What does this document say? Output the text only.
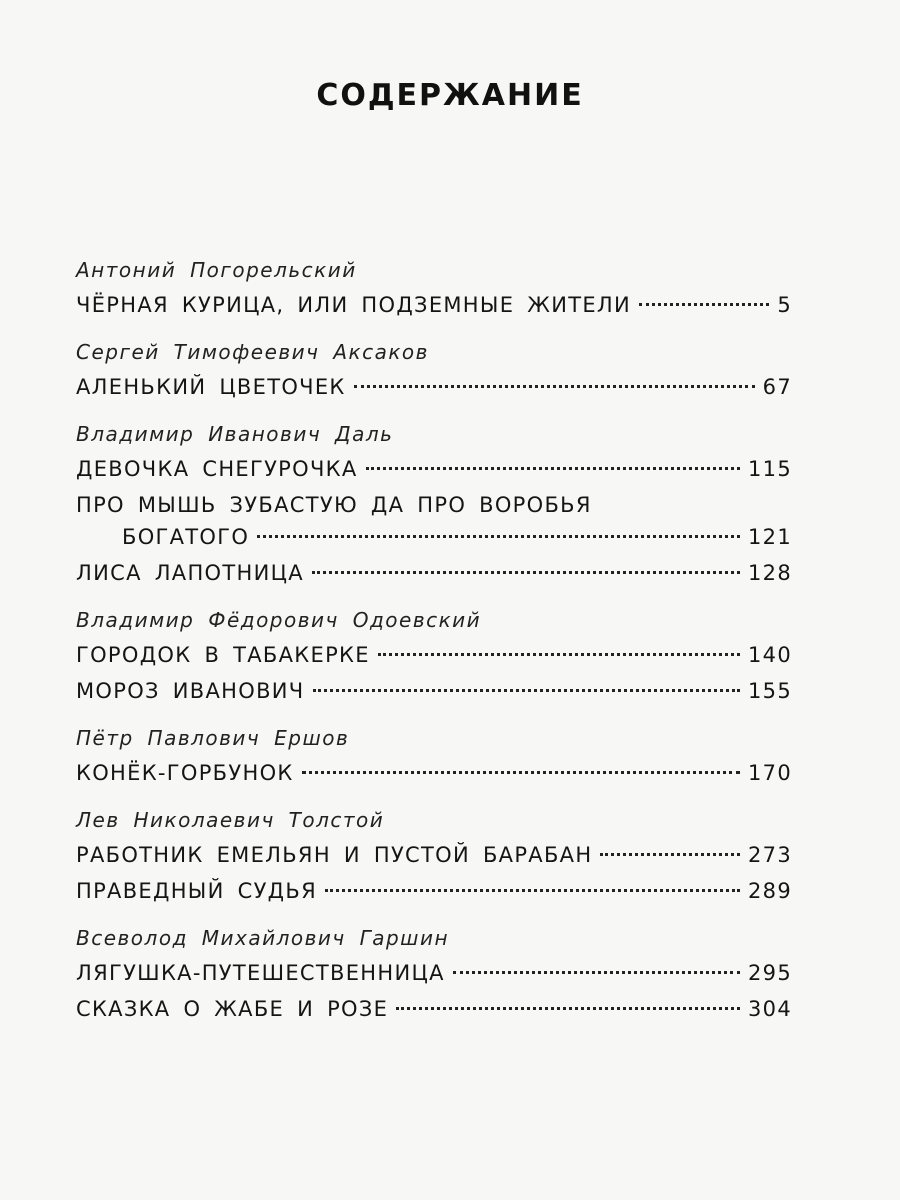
СОДЕРЖАНИЕ
Антоний Погорельский
ЧЁРНАЯ КУРИЦА, ИЛИ ПОДЗЕМНЫЕ ЖИТЕЛИ	5
Сергей Тимофеевич Аксаков
АЛЕНЬКИЙ ЦВЕТОЧЕК	67
Владимир Иванович Даль
ДЕВОЧКА СНЕГУРОЧКА	115
ПРО МЫШЬ ЗУБАСТУЮ ДА ПРО ВОРОБЬЯ
БОГАТОГО	121
ЛИСА ЛАПОТНИЦА	128
Владимир Фёдорович Одоевский
ГОРОДОК В ТАБАКЕРКЕ	140
МОРОЗ ИВАНОВИЧ	155
Пётр Павлович Ершов
КОНЁК-ГОРБУНОК	170
Лев Николаевич Толстой
РАБОТНИК ЕМЕЛЬЯН И ПУСТОЙ БАРАБАН	273
ПРАВЕДНЫЙ СУДЬЯ	289
Всеволод Михайлович Гаршин
ЛЯГУШКА-ПУТЕШЕСТВЕННИЦА	295
СКАЗКА О ЖАБЕ И РОЗЕ	304
